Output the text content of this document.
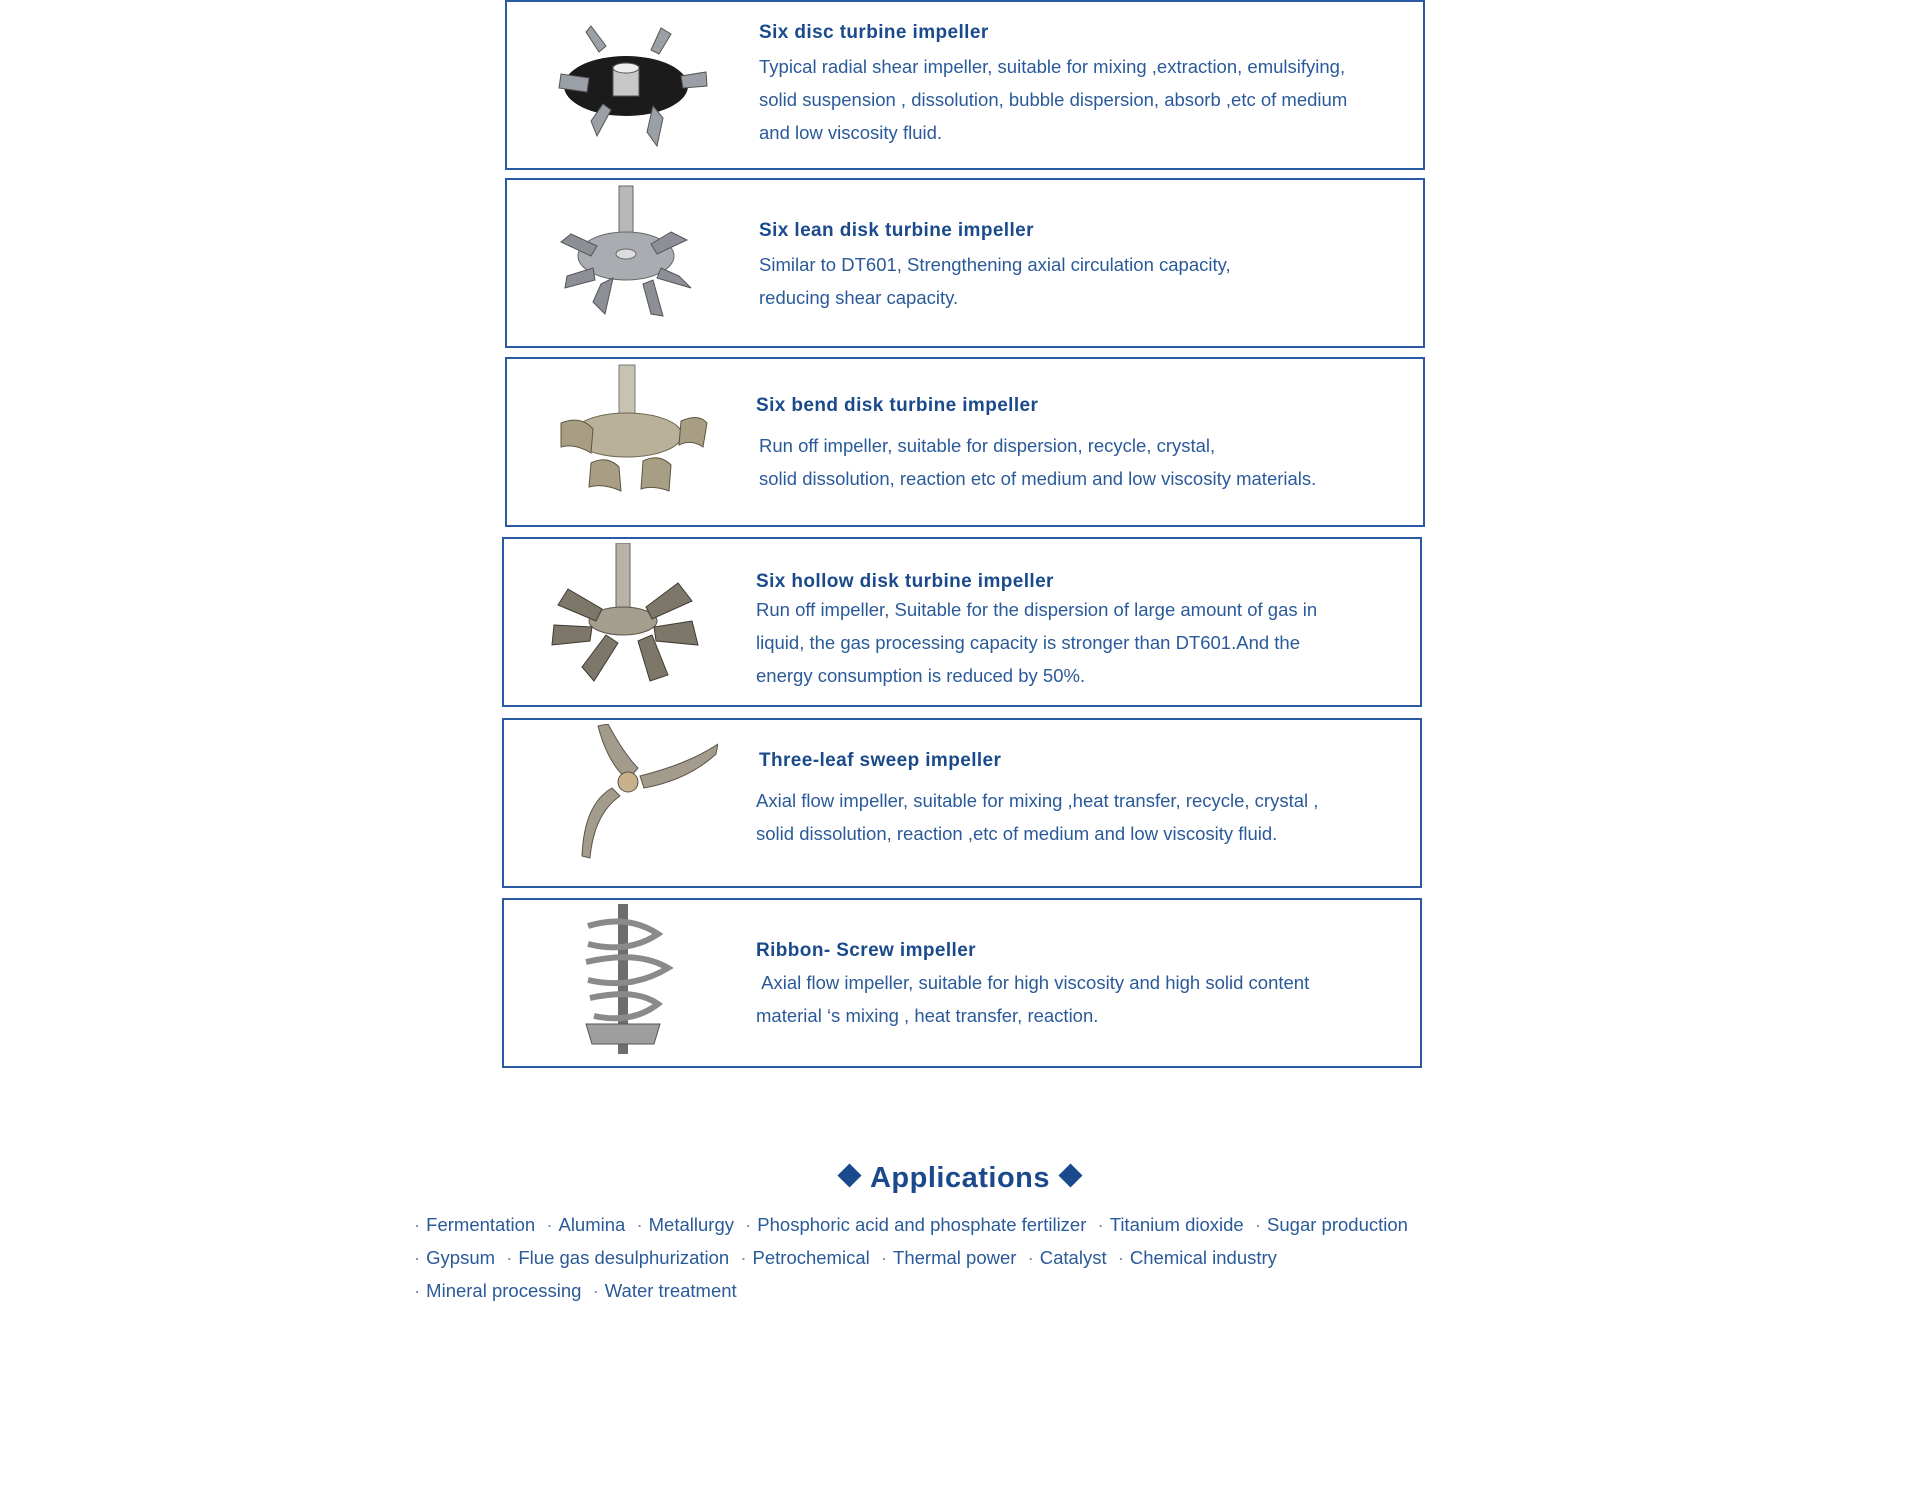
Six disc turbine impeller

Typical radial shear impeller, suitable for mixing ,extraction, emulsifying,
solid suspension , dissolution, bubble dispersion, absorb ,etc of medium
and low viscosity fluid.

Six lean disk turbine impeller

Similar to DT601, Strengthening axial circulation capacity,
reducing shear capacity.

Six bend disk turbine impeller

Run off impeller, suitable for dispersion, recycle, crystal,
solid dissolution, reaction etc of medium and low viscosity materials.

Six hollow disk turbine impeller

Run off impeller, Suitable for the dispersion of large amount of gas in
liquid, the gas processing capacity is stronger than DT601.And the
energy consumption is reduced by 50%.

Three-leaf sweep impeller

Axial flow impeller, suitable for mixing ,heat transfer, recycle, crystal ,
solid dissolution, reaction ,etc of medium and low viscosity fluid.

Ribbon- Screw impeller

Axial flow impeller, suitable for high viscosity and high solid content
material ‘s mixing , heat transfer, reaction.

Applications
· Fermentation · Alumina · Metallurgy · Phosphoric acid and phosphate fertilizer · Titanium dioxide · Sugar production
· Gypsum · Flue gas desulphurization · Petrochemical · Thermal power · Catalyst · Chemical industry
· Mineral processing · Water treatment
